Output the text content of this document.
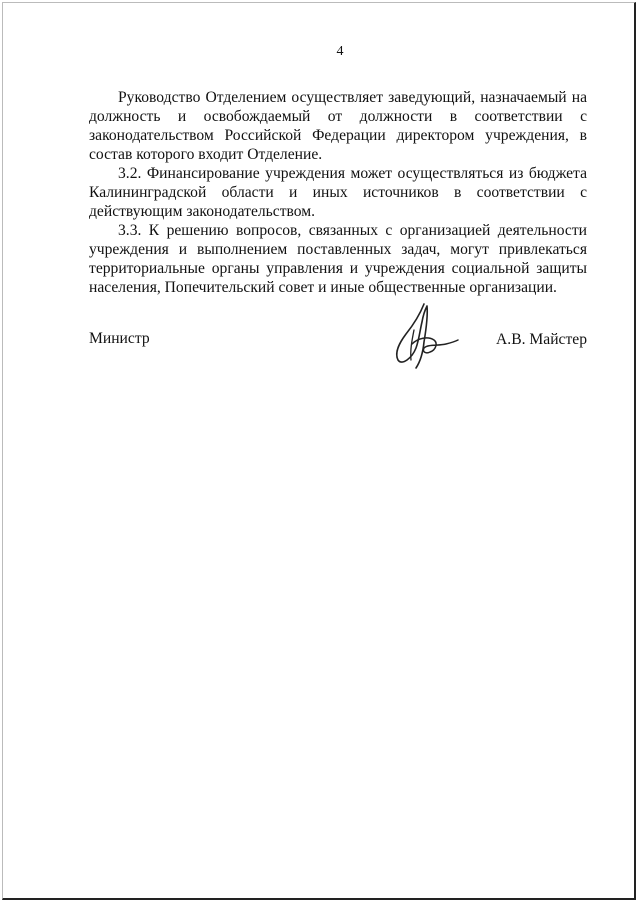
4

Руководство Отделением осуществляет заведующий, назначаемый на должность и освобождаемый от должности в соответствии с законодательством Российской Федерации директором учреждения, в состав которого входит Отделение.

3.2. Финансирование учреждения может осуществляться из бюджета Калининградской области и иных источников в соответствии с действующим законодательством.

3.3. К решению вопросов, связанных с организацией деятельности учреждения и выполнением поставленных задач, могут привлекаться территориальные органы управления и учреждения социальной защиты населения, Попечительский совет и иные общественные организации.

Министр	А.В. Майстер
